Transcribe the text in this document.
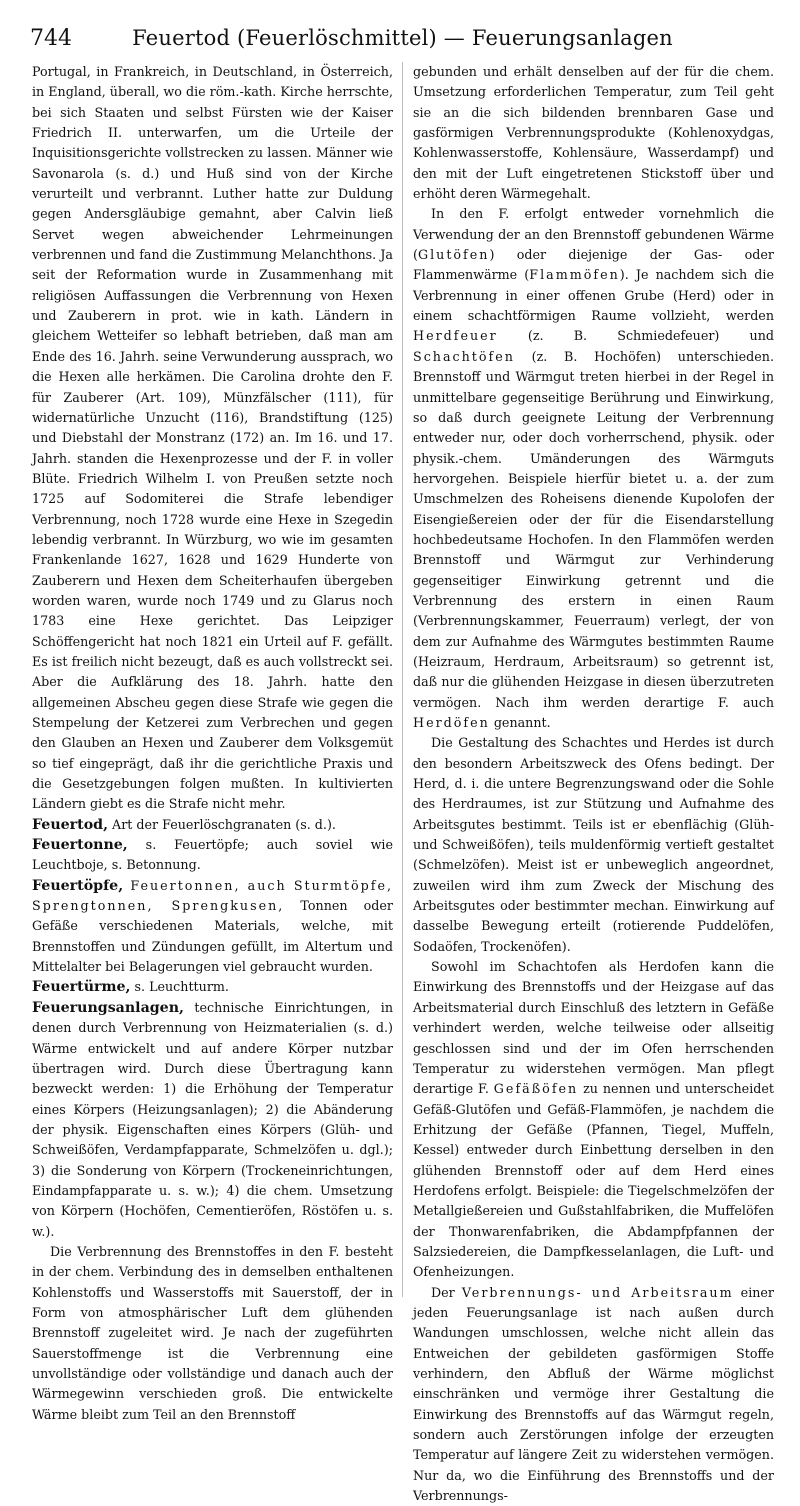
744	Feuertod (Feuerlöschmittel) — Feuerungsanlagen

Portugal, in Frankreich, in Deutschland, in Österreich, in England, überall, wo die röm.-kath. Kirche herrschte, bei sich Staaten und selbst Fürsten wie der Kaiser Friedrich II. unterwarfen, um die Urteile der Inquisitionsgerichte vollstrecken zu lassen. Männer wie Savonarola (s. d.) und Huß sind von der Kirche verurteilt und verbrannt. Luther hatte zur Duldung gegen Andersgläubige gemahnt, aber Calvin ließ Servet wegen abweichender Lehrmeinungen verbrennen und fand die Zustimmung Melanchthons. Ja seit der Reformation wurde in Zusammenhang mit religiösen Auffassungen die Verbrennung von Hexen und Zauberern in prot. wie in kath. Ländern in gleichem Wetteifer so lebhaft betrieben, daß man am Ende des 16. Jahrh. seine Verwunderung aussprach, wo die Hexen alle herkämen. Die Carolina drohte den F. für Zauberer (Art. 109), Münzfälscher (111), für widernatürliche Unzucht (116), Brandstiftung (125) und Diebstahl der Monstranz (172) an. Im 16. und 17. Jahrh. standen die Hexenprozesse und der F. in voller Blüte. Friedrich Wilhelm I. von Preußen setzte noch 1725 auf Sodomiterei die Strafe lebendiger Verbrennung, noch 1728 wurde eine Hexe in Szegedin lebendig verbrannt. In Würzburg, wo wie im gesamten Frankenlande 1627, 1628 und 1629 Hunderte von Zauberern und Hexen dem Scheiterhaufen übergeben worden waren, wurde noch 1749 und zu Glarus noch 1783 eine Hexe gerichtet. Das Leipziger Schöffengericht hat noch 1821 ein Urteil auf F. gefällt. Es ist freilich nicht bezeugt, daß es auch vollstreckt sei. Aber die Aufklärung des 18. Jahrh. hatte den allgemeinen Abscheu gegen diese Strafe wie gegen die Stempelung der Ketzerei zum Verbrechen und gegen den Glauben an Hexen und Zauberer dem Volksgemüt so tief eingeprägt, daß ihr die gerichtliche Praxis und die Gesetzgebungen folgen mußten. In kultivierten Ländern giebt es die Strafe nicht mehr.

Feuertod, Art der Feuerlöschgranaten (s. d.).

Feuertonne, s. Feuertöpfe; auch soviel wie Leuchtboje, s. Betonnung.

Feuertöpfe, Feuertonnen, auch Sturmtöpfe, Sprengtonnen, Sprengkusen, Tonnen oder Gefäße verschiedenen Materials, welche, mit Brennstoffen und Zündungen gefüllt, im Altertum und Mittelalter bei Belagerungen viel gebraucht wurden.

Feuertürme, s. Leuchtturm.

Feuerungsanlagen, technische Einrichtungen, in denen durch Verbrennung von Heizmaterialien (s. d.) Wärme entwickelt und auf andere Körper nutzbar übertragen wird. Durch diese Übertragung kann bezweckt werden: 1) die Erhöhung der Temperatur eines Körpers (Heizungsanlagen); 2) die Abänderung der physik. Eigenschaften eines Körpers (Glüh- und Schweißöfen, Verdampfapparate, Schmelzöfen u. dgl.); 3) die Sonderung von Körpern (Trockeneinrichtungen, Eindampfapparate u. s. w.); 4) die chem. Umsetzung von Körpern (Hochöfen, Cementieröfen, Röstöfen u. s. w.).

Die Verbrennung des Brennstoffes in den F. besteht in der chem. Verbindung des in demselben enthaltenen Kohlenstoffs und Wasserstoffs mit Sauerstoff, der in Form von atmosphärischer Luft dem glühenden Brennstoff zugeleitet wird. Je nach der zugeführten Sauerstoffmenge ist die Verbrennung eine unvollständige oder vollständige und danach auch der Wärmegewinn verschieden groß. Die entwickelte Wärme bleibt zum Teil an den Brennstoff

gebunden und erhält denselben auf der für die chem. Umsetzung erforderlichen Temperatur, zum Teil geht sie an die sich bildenden brennbaren Gase und gasförmigen Verbrennungsprodukte (Kohlenoxydgas, Kohlenwasserstoffe, Kohlensäure, Wasserdampf) und den mit der Luft eingetretenen Stickstoff über und erhöht deren Wärmegehalt.

In den F. erfolgt entweder vornehmlich die Verwendung der an den Brennstoff gebundenen Wärme (Glutöfen) oder diejenige der Gas- oder Flammenwärme (Flammöfen). Je nachdem sich die Verbrennung in einer offenen Grube (Herd) oder in einem schachtförmigen Raume vollzieht, werden Herdfeuer (z. B. Schmiedefeuer) und Schachtöfen (z. B. Hochöfen) unterschieden. Brennstoff und Wärmgut treten hierbei in der Regel in unmittelbare gegenseitige Berührung und Einwirkung, so daß durch geeignete Leitung der Verbrennung entweder nur, oder doch vorherrschend, physik. oder physik.-chem. Umänderungen des Wärmguts hervorgehen. Beispiele hierfür bietet u. a. der zum Umschmelzen des Roheisens dienende Kupolofen der Eisengießereien oder der für die Eisendarstellung hochbedeutsame Hochofen. In den Flammöfen werden Brennstoff und Wärmgut zur Verhinderung gegenseitiger Einwirkung getrennt und die Verbrennung des erstern in einen Raum (Verbrennungskammer, Feuerraum) verlegt, der von dem zur Aufnahme des Wärmgutes bestimmten Raume (Heizraum, Herdraum, Arbeitsraum) so getrennt ist, daß nur die glühenden Heizgase in diesen überzutreten vermögen. Nach ihm werden derartige F. auch Herdöfen genannt.

Die Gestaltung des Schachtes und Herdes ist durch den besondern Arbeitszweck des Ofens bedingt. Der Herd, d. i. die untere Begrenzungswand oder die Sohle des Herdraumes, ist zur Stützung und Aufnahme des Arbeitsgutes bestimmt. Teils ist er ebenflächig (Glüh- und Schweißöfen), teils muldenförmig vertieft gestaltet (Schmelzöfen). Meist ist er unbeweglich angeordnet, zuweilen wird ihm zum Zweck der Mischung des Arbeitsgutes oder bestimmter mechan. Einwirkung auf dasselbe Bewegung erteilt (rotierende Puddelöfen, Sodaöfen, Trockenöfen).

Sowohl im Schachtofen als Herdofen kann die Einwirkung des Brennstoffs und der Heizgase auf das Arbeitsmaterial durch Einschluß des letztern in Gefäße verhindert werden, welche teilweise oder allseitig geschlossen sind und der im Ofen herrschenden Temperatur zu widerstehen vermögen. Man pflegt derartige F. Gefäßöfen zu nennen und unterscheidet Gefäß-Glutöfen und Gefäß-Flammöfen, je nachdem die Erhitzung der Gefäße (Pfannen, Tiegel, Muffeln, Kessel) entweder durch Einbettung derselben in den glühenden Brennstoff oder auf dem Herd eines Herdofens erfolgt. Beispiele: die Tiegelschmelzöfen der Metallgießereien und Gußstahlfabriken, die Muffelöfen der Thonwarenfabriken, die Abdampfpfannen der Salzsiedereien, die Dampfkesselanlagen, die Luft- und Ofenheizungen.

Der Verbrennungs- und Arbeitsraum einer jeden Feuerungsanlage ist nach außen durch Wandungen umschlossen, welche nicht allein das Entweichen der gebildeten gasförmigen Stoffe verhindern, den Abfluß der Wärme möglichst einschränken und vermöge ihrer Gestaltung die Einwirkung des Brennstoffs auf das Wärmgut regeln, sondern auch Zerstörungen infolge der erzeugten Temperatur auf längere Zeit zu widerstehen vermögen. Nur da, wo die Einführung des Brennstoffs und der Verbrennungs-
